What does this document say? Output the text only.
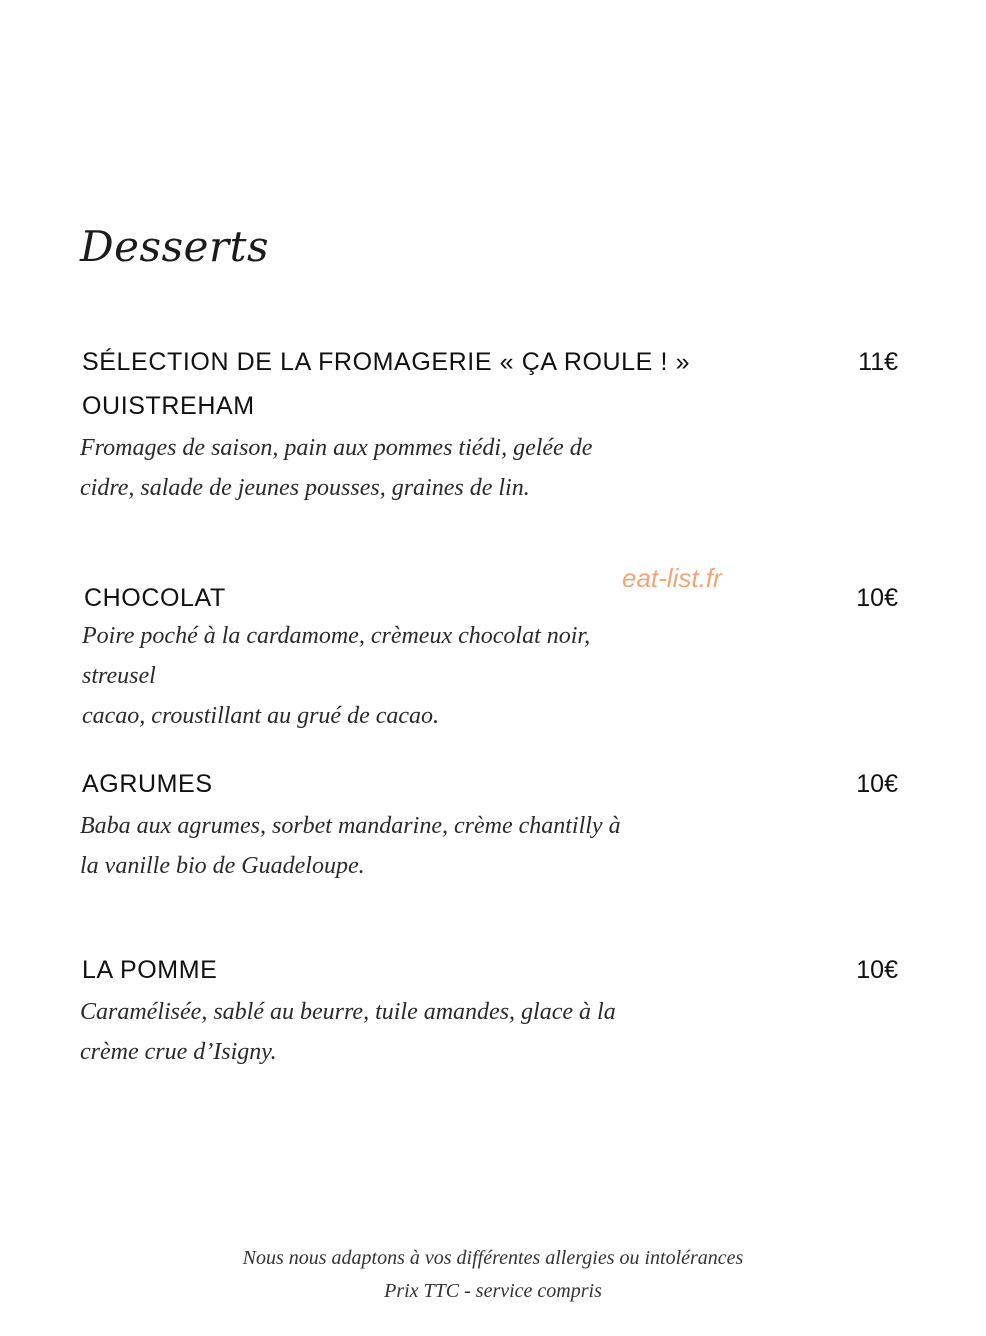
Desserts
SÉLECTION DE LA FROMAGERIE « ÇA ROULE ! »
OUISTREHAM
11€
Fromages de saison, pain aux pommes tiédi, gelée de
cidre, salade de jeunes pousses, graines de lin.
CHOCOLAT	10€
Poire poché à la cardamome, crèmeux chocolat noir,
streusel
cacao, croustillant au grué de cacao.
AGRUMES	10€
Baba aux agrumes, sorbet mandarine, crème chantilly à
la vanille bio de Guadeloupe.
LA POMME	10€
Caramélisée, sablé au beurre, tuile amandes, glace à la
crème crue d’Isigny.
eat-list.fr
Nous nous adaptons à vos différentes allergies ou intolérances
Prix TTC - service compris
